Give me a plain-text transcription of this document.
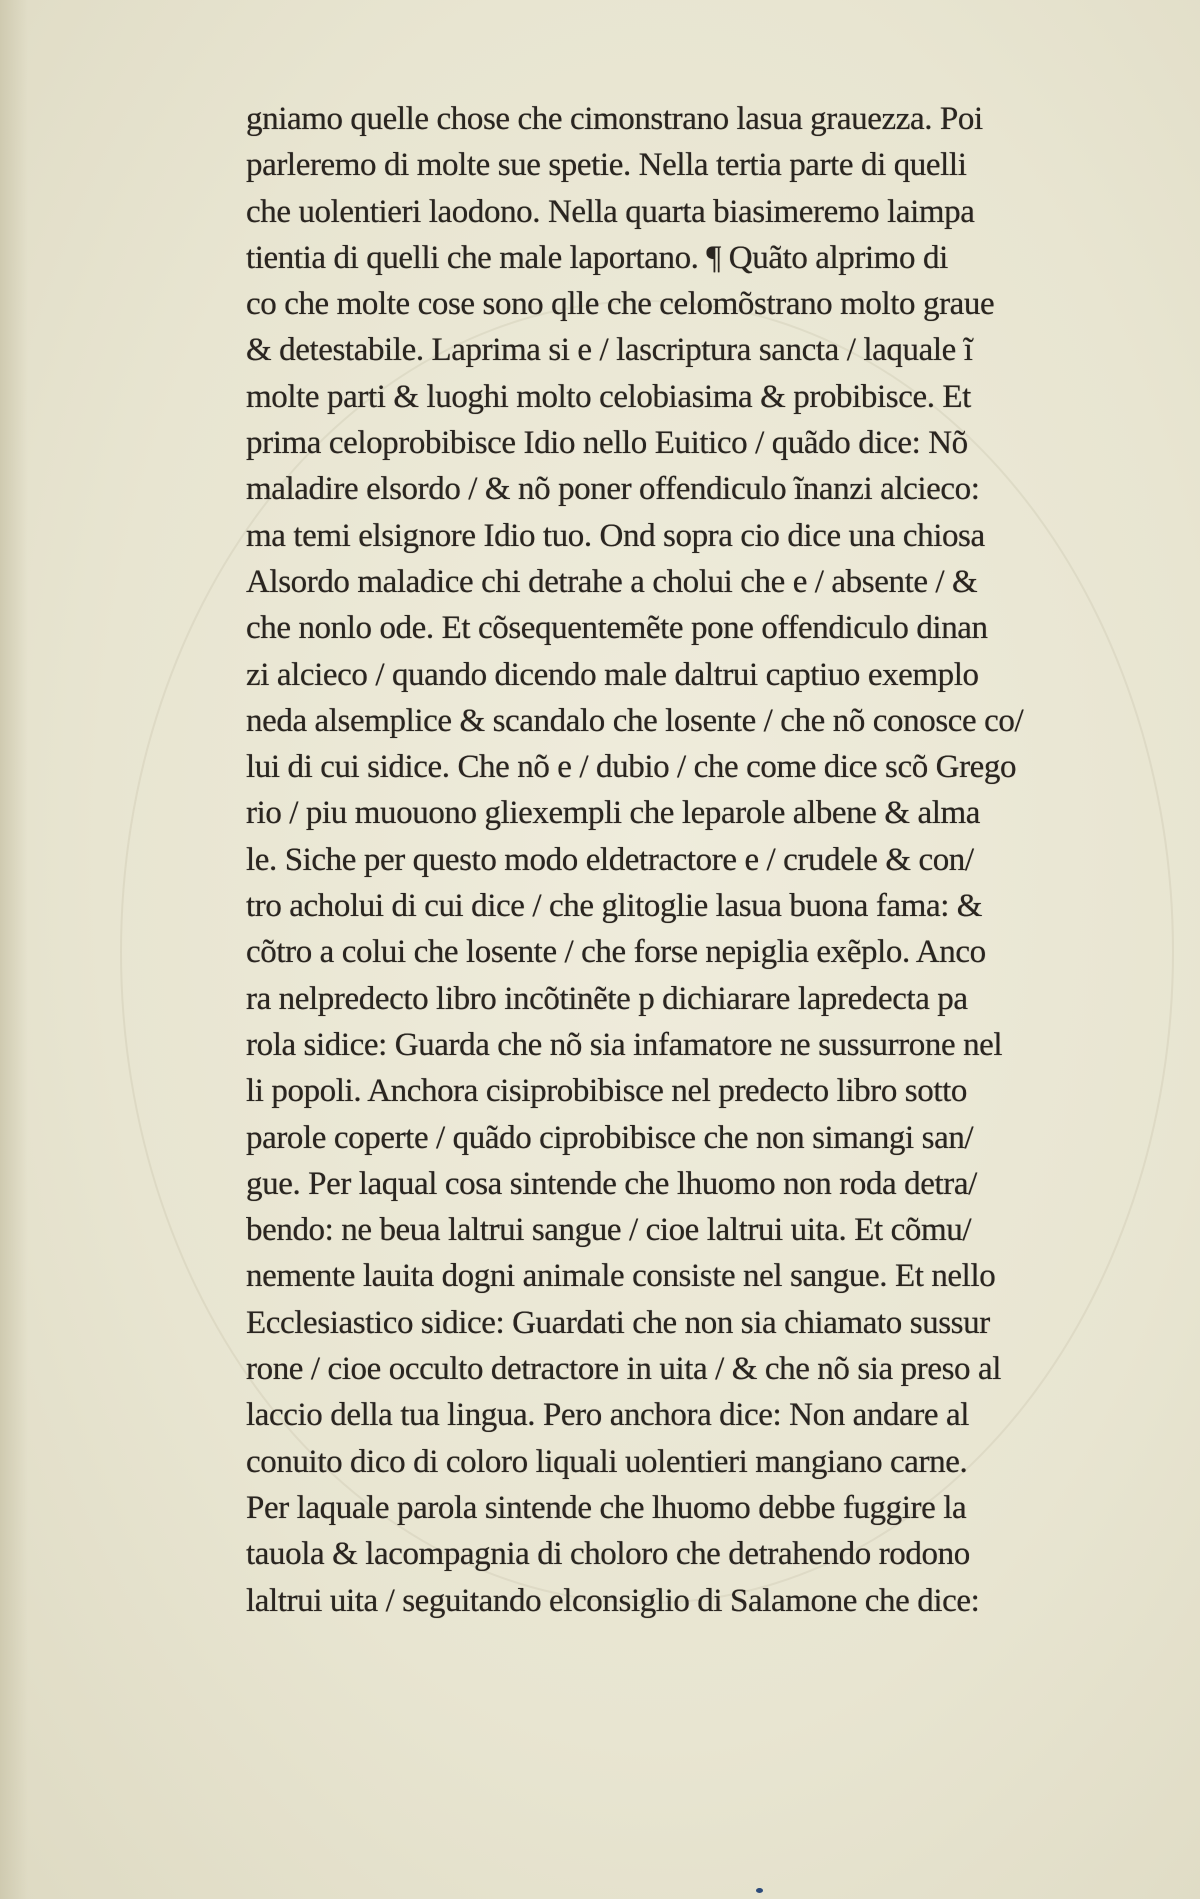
gniamo quelle chose che cimonstrano lasua grauezza. Poi
parleremo di molte sue spetie. Nella tertia parte di quelli
che uolentieri laodono. Nella quarta biasimeremo laimpa
tientia di quelli che male laportano. ¶ Quãto alprimo di
co che molte cose sono qlle che celomõstrano molto graue
& detestabile. Laprima si e / lascriptura sancta / laquale ĩ
molte parti & luoghi molto celobiasima & probibisce. Et
prima celoprobibisce Idio nello Euitico / quãdo dice: Nõ
maladire elsordo / & nõ poner offendiculo ĩnanzi alcieco:
ma temi elsignore Idio tuo. Ond sopra cio dice una chiosa
Alsordo maladice chi detrahe a cholui che e / absente / &
che nonlo ode. Et cõsequentemẽte pone offendiculo dinan
zi alcieco / quando dicendo male daltrui captiuo exemplo
neda alsemplice & scandalo che losente / che nõ conosce co/
lui di cui sidice. Che nõ e / dubio / che come dice scõ Grego
rio / piu muouono gliexempli che leparole albene & alma
le. Siche per questo modo eldetractore e / crudele & con/
tro acholui di cui dice / che glitoglie lasua buona fama: &
cõtro a colui che losente / che forse nepiglia exẽplo. Anco
ra nelpredecto libro incõtinẽte p dichiarare lapredecta pa
rola sidice: Guarda che nõ sia infamatore ne sussurrone nel
li popoli. Anchora cisiprobibisce nel predecto libro sotto
parole coperte / quãdo ciprobibisce che non simangi san/
gue. Per laqual cosa sintende che lhuomo non roda detra/
bendo: ne beua laltrui sangue / cioe laltrui uita. Et cõmu/
nemente lauita dogni animale consiste nel sangue. Et nello
Ecclesiastico sidice: Guardati che non sia chiamato sussur
rone / cioe occulto detractore in uita / & che nõ sia preso al
laccio della tua lingua. Pero anchora dice: Non andare al
conuito dico di coloro liquali uolentieri mangiano carne.
Per laquale parola sintende che lhuomo debbe fuggire la
tauola & lacompagnia di choloro che detrahendo rodono
laltrui uita / seguitando elconsiglio di Salamone che dice:
